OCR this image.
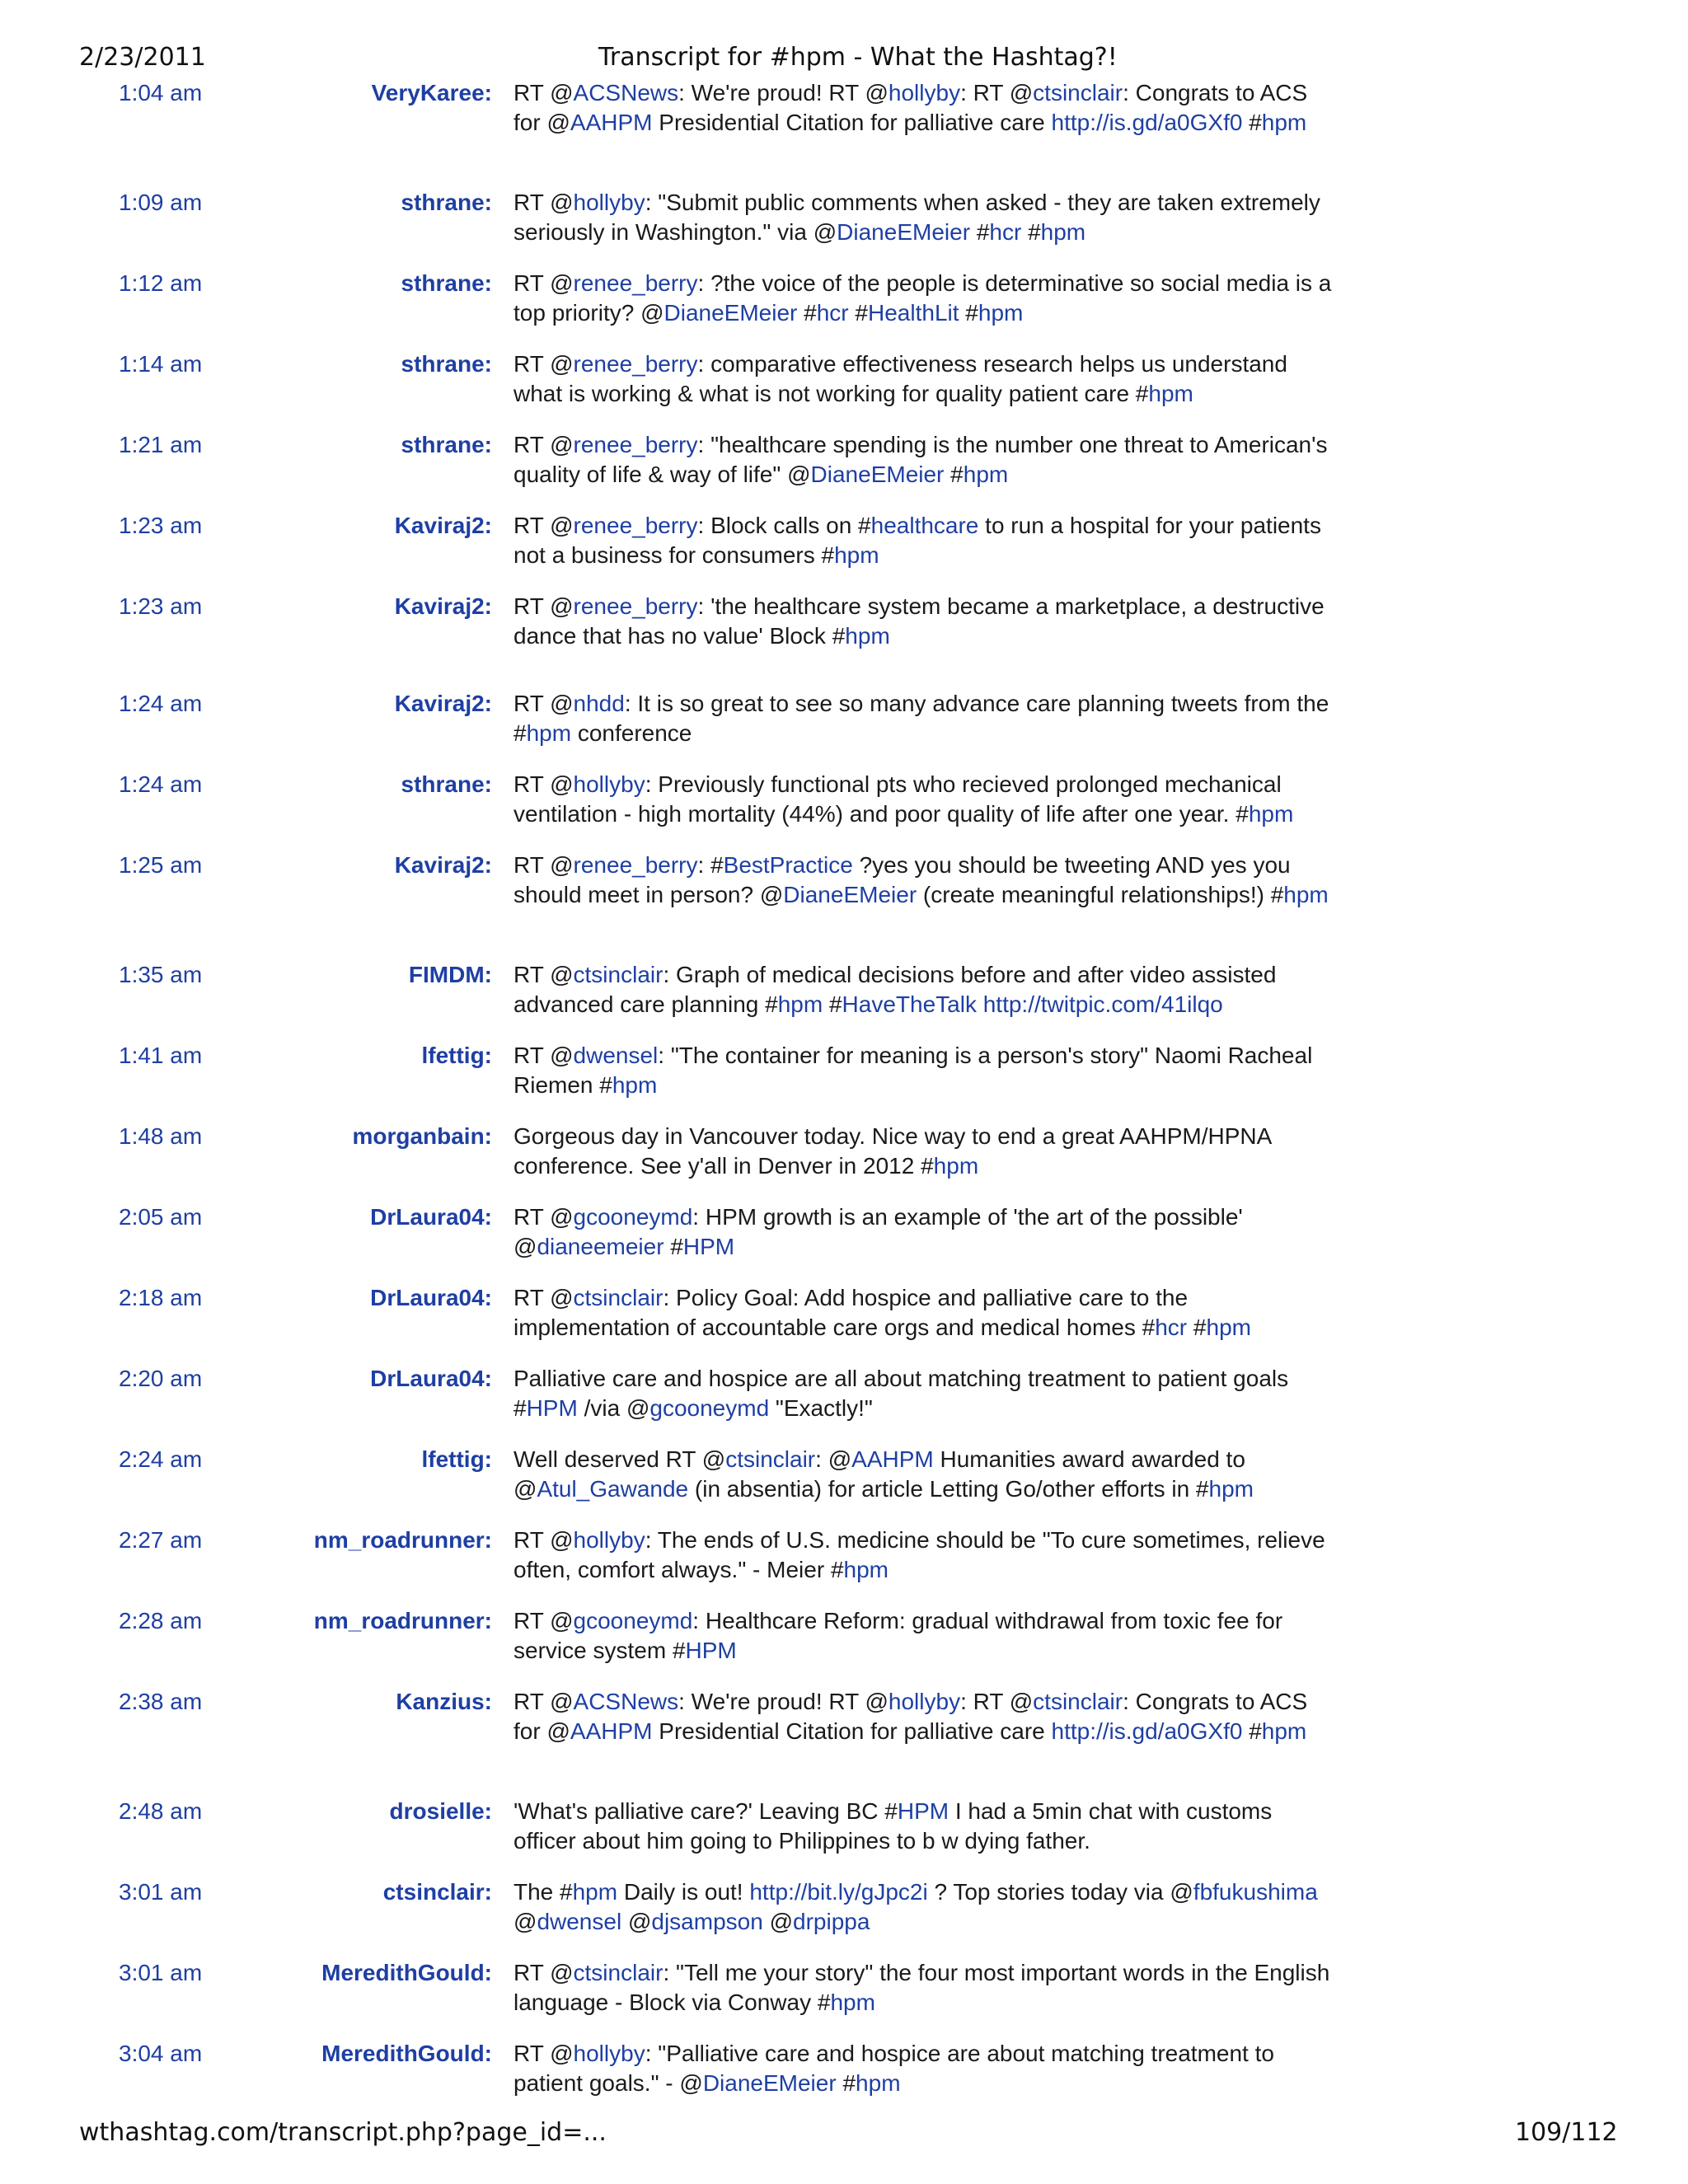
2/23/2011	Transcript for #hpm - What the Hashtag?!
1:04 am	VeryKaree: RT @ACSNews: We're proud! RT @hollyby: RT @ctsinclair: Congrats to ACS for @AAHPM Presidential Citation for palliative care http://is.gd/a0GXf0 #hpm
1:09 am	sthrane: RT @hollyby: "Submit public comments when asked - they are taken extremely seriously in Washington." via @DianeEMeier #hcr #hpm
1:12 am	sthrane: RT @renee_berry: ?the voice of the people is determinative so social media is a top priority? @DianeEMeier #hcr #HealthLit #hpm
1:14 am	sthrane: RT @renee_berry: comparative effectiveness research helps us understand what is working & what is not working for quality patient care #hpm
1:21 am	sthrane: RT @renee_berry: "healthcare spending is the number one threat to American's quality of life & way of life" @DianeEMeier #hpm
1:23 am	Kaviraj2: RT @renee_berry: Block calls on #healthcare to run a hospital for your patients not a business for consumers #hpm
1:23 am	Kaviraj2: RT @renee_berry: 'the healthcare system became a marketplace, a destructive dance that has no value' Block #hpm
1:24 am	Kaviraj2: RT @nhdd: It is so great to see so many advance care planning tweets from the #hpm conference
1:24 am	sthrane: RT @hollyby: Previously functional pts who recieved prolonged mechanical ventilation - high mortality (44%) and poor quality of life after one year. #hpm
1:25 am	Kaviraj2: RT @renee_berry: #BestPractice ?yes you should be tweeting AND yes you should meet in person? @DianeEMeier (create meaningful relationships!) #hpm
1:35 am	FIMDM: RT @ctsinclair: Graph of medical decisions before and after video assisted advanced care planning #hpm #HaveTheTalk http://twitpic.com/41ilqo
1:41 am	lfettig: RT @dwensel: "The container for meaning is a person's story" Naomi Racheal Riemen #hpm
1:48 am	morganbain: Gorgeous day in Vancouver today. Nice way to end a great AAHPM/HPNA conference. See y'all in Denver in 2012 #hpm
2:05 am	DrLaura04: RT @gcooneymd: HPM growth is an example of 'the art of the possible' @dianeemeier #HPM
2:18 am	DrLaura04: RT @ctsinclair: Policy Goal: Add hospice and palliative care to the implementation of accountable care orgs and medical homes #hcr #hpm
2:20 am	DrLaura04: Palliative care and hospice are all about matching treatment to patient goals #HPM /via @gcooneymd "Exactly!"
2:24 am	lfettig: Well deserved RT @ctsinclair: @AAHPM Humanities award awarded to @Atul_Gawande (in absentia) for article Letting Go/other efforts in #hpm
2:27 am	nm_roadrunner: RT @hollyby: The ends of U.S. medicine should be "To cure sometimes, relieve often, comfort always." - Meier #hpm
2:28 am	nm_roadrunner: RT @gcooneymd: Healthcare Reform: gradual withdrawal from toxic fee for service system #HPM
2:38 am	Kanzius: RT @ACSNews: We're proud! RT @hollyby: RT @ctsinclair: Congrats to ACS for @AAHPM Presidential Citation for palliative care http://is.gd/a0GXf0 #hpm
2:48 am	drosielle: 'What's palliative care?' Leaving BC #HPM I had a 5min chat with customs officer about him going to Philippines to b w dying father.
3:01 am	ctsinclair: The #hpm Daily is out! http://bit.ly/gJpc2i ? Top stories today via @fbfukushima @dwensel @djsampson @drpippa
3:01 am	MeredithGould: RT @ctsinclair: "Tell me your story" the four most important words in the English language - Block via Conway #hpm
3:04 am	MeredithGould: RT @hollyby: "Palliative care and hospice are about matching treatment to patient goals." - @DianeEMeier #hpm
wthashtag.com/transcript.php?page_id=...	109/112
